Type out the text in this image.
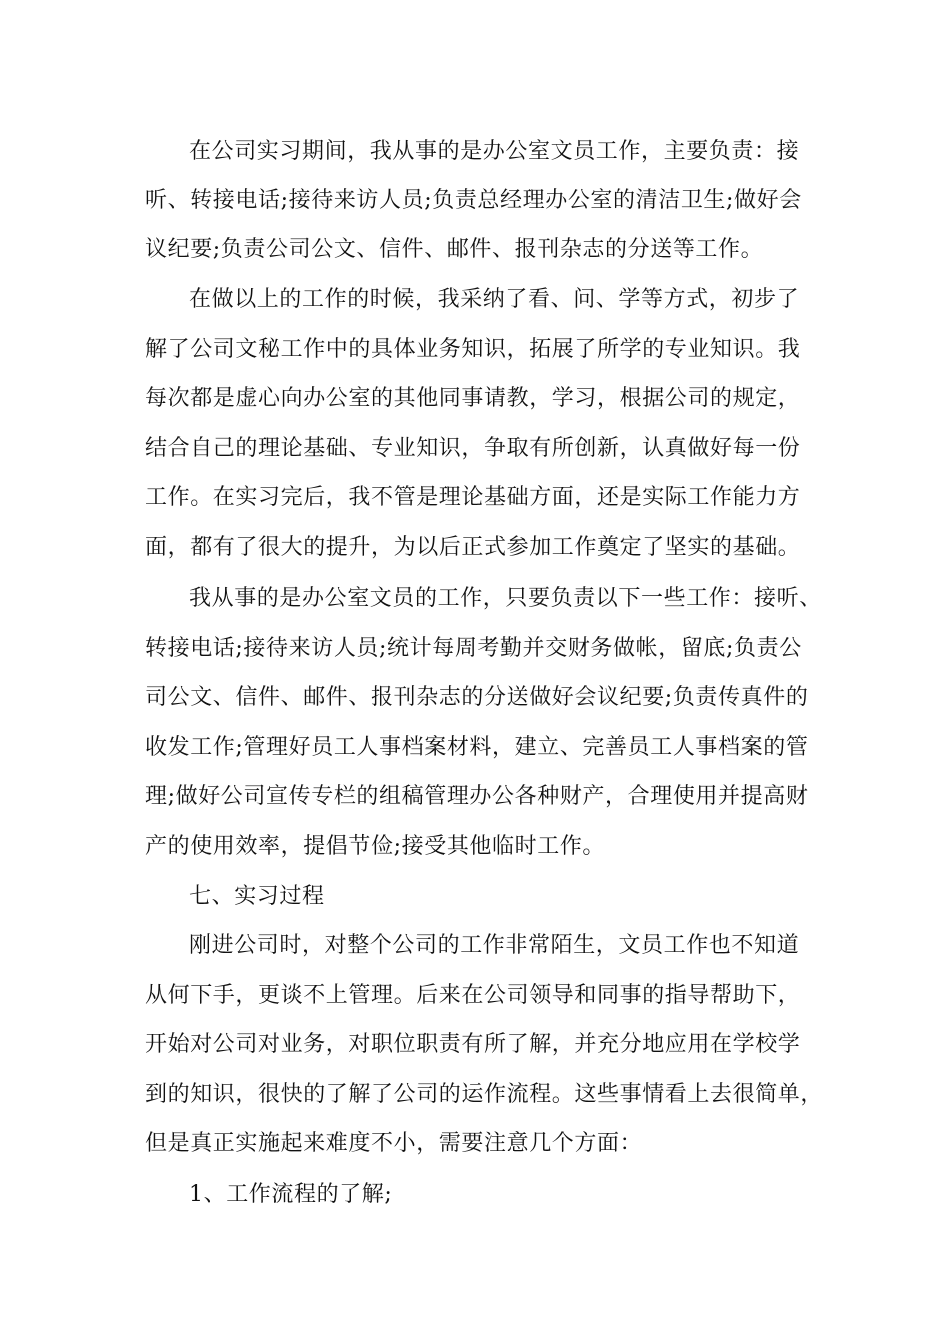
在公司实习期间，我从事的是办公室文员工作，主要负责：接
听、转接电话;接待来访人员;负责总经理办公室的清洁卫生;做好会
议纪要;负责公司公文、信件、邮件、报刊杂志的分送等工作。
在做以上的工作的时候，我采纳了看、问、学等方式，初步了
解了公司文秘工作中的具体业务知识，拓展了所学的专业知识。我
每次都是虚心向办公室的其他同事请教，学习，根据公司的规定，
结合自己的理论基础、专业知识，争取有所创新，认真做好每一份
工作。在实习完后，我不管是理论基础方面，还是实际工作能力方
面，都有了很大的提升，为以后正式参加工作奠定了坚实的基础。
我从事的是办公室文员的工作，只要负责以下一些工作：接听、
转接电话;接待来访人员;统计每周考勤并交财务做帐，留底;负责公
司公文、信件、邮件、报刊杂志的分送做好会议纪要;负责传真件的
收发工作;管理好员工人事档案材料，建立、完善员工人事档案的管
理;做好公司宣传专栏的组稿管理办公各种财产，合理使用并提高财
产的使用效率，提倡节俭;接受其他临时工作。
七、实习过程
刚进公司时，对整个公司的工作非常陌生，文员工作也不知道
从何下手，更谈不上管理。后来在公司领导和同事的指导帮助下，
开始对公司对业务，对职位职责有所了解，并充分地应用在学校学
到的知识，很快的了解了公司的运作流程。这些事情看上去很简单，
但是真正实施起来难度不小，需要注意几个方面：
1、工作流程的了解;
